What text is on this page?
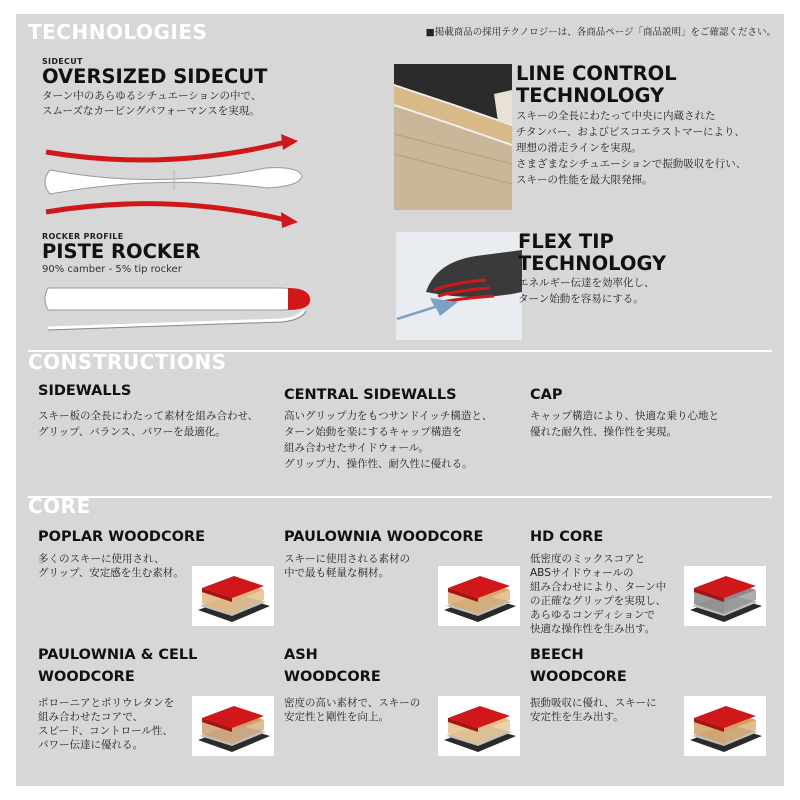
TECHNOLOGIES	■掲載商品の採用テクノロジーは、各商品ページ「商品説明」をご確認ください。
SIDECUT
OVERSIZED SIDECUT
ターン中のあらゆるシチュエーションの中で、
スムーズなカービングパフォーマンスを実現。
ROCKER PROFILE
PISTE ROCKER
90% camber - 5% tip rocker
LINE CONTROL
TECHNOLOGY
スキーの全長にわたって中央に内蔵された
チタンバー、およびビスコエラストマーにより、
理想の滑走ラインを実現。
さまざまなシチュエーションで振動吸収を行い、
スキーの性能を最大限発揮。
FLEX TIP
TECHNOLOGY
エネルギー伝達を効率化し、
ターン始動を容易にする。
CONSTRUCTIONS
SIDEWALLS
スキー板の全長にわたって素材を組み合わせ、
グリップ、バランス、パワーを最適化。
CENTRAL SIDEWALLS
高いグリップ力をもつサンドイッチ構造と、
ターン始動を楽にするキャップ構造を
組み合わせたサイドウォール。
グリップ力、操作性、耐久性に優れる。
CAP
キャップ構造により、快適な乗り心地と
優れた耐久性、操作性を実現。
CORE
POPLAR WOODCORE
多くのスキーに使用され、
グリップ、安定感を生む素材。
PAULOWNIA WOODCORE
スキーに使用される素材の
中で最も軽量な桐材。
HD CORE
低密度のミックスコアと
ABSサイドウォールの
組み合わせにより、ターン中
の正確なグリップを実現し、
あらゆるコンディションで
快適な操作性を生み出す。
PAULOWNIA & CELL
WOODCORE
ポローニアとポリウレタンを
組み合わせたコアで、
スピード、コントロール性、
パワー伝達に優れる。
ASH
WOODCORE
密度の高い素材で、スキーの
安定性と剛性を向上。
BEECH
WOODCORE
振動吸収に優れ、スキーに
安定性を生み出す。
